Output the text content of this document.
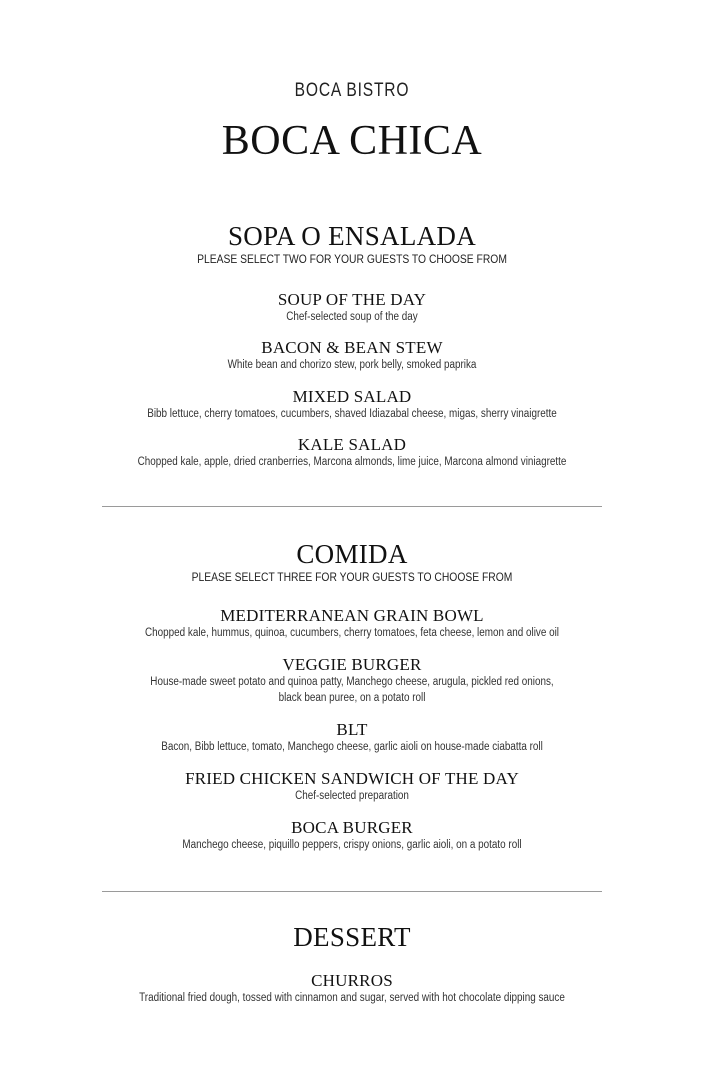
BOCA BISTRO
BOCA CHICA
SOPA O ENSALADA
PLEASE SELECT TWO FOR YOUR GUESTS TO CHOOSE FROM
SOUP OF THE DAY
Chef-selected soup of the day
BACON & BEAN STEW
White bean and chorizo stew, pork belly, smoked paprika
MIXED SALAD
Bibb lettuce, cherry tomatoes, cucumbers, shaved Idiazabal cheese, migas, sherry vinaigrette
KALE SALAD
Chopped kale, apple, dried cranberries, Marcona almonds, lime juice, Marcona almond viniagrette
COMIDA
PLEASE SELECT THREE FOR YOUR GUESTS TO CHOOSE FROM
MEDITERRANEAN GRAIN BOWL
Chopped kale, hummus, quinoa, cucumbers, cherry tomatoes, feta cheese, lemon and olive oil
VEGGIE BURGER
House-made sweet potato and quinoa patty, Manchego cheese, arugula, pickled red onions,
black bean puree, on a potato roll
BLT
Bacon, Bibb lettuce, tomato, Manchego cheese, garlic aioli on house-made ciabatta roll
FRIED CHICKEN SANDWICH OF THE DAY
Chef-selected preparation
BOCA BURGER
Manchego cheese, piquillo peppers, crispy onions, garlic aioli, on a potato roll
DESSERT
CHURROS
Traditional fried dough, tossed with cinnamon and sugar, served with hot chocolate dipping sauce
